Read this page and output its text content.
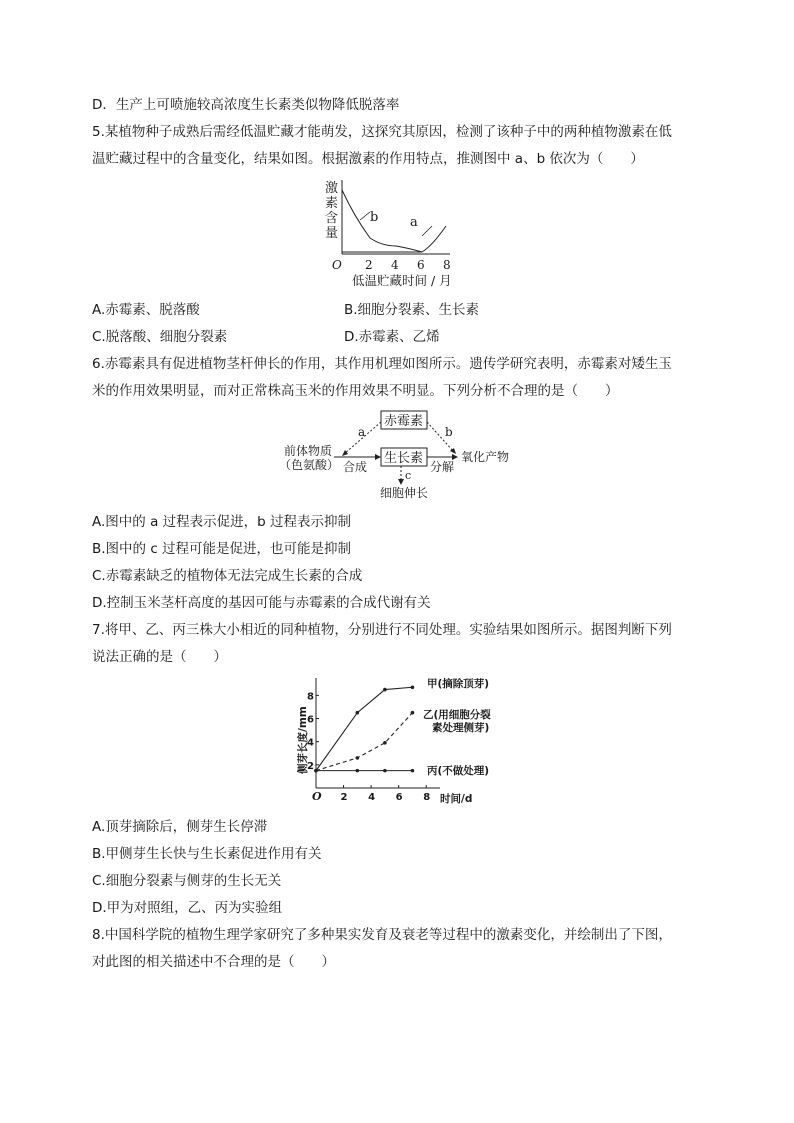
D．生产上可喷施较高浓度生长素类似物降低脱落率
5.某植物种子成熟后需经低温贮藏才能萌发，这探究其原因，检测了该种子中的两种植物激素在低
温贮藏过程中的含量变化，结果如图。根据激素的作用特点，推测图中 a、b 依次为（　　）
激
素
含
量
O 2 4 6 8
b a
低温贮藏时间 / 月
A.赤霉素、脱落酸	B.细胞分裂素、生长素
C.脱落酸、细胞分裂素	D.赤霉素、乙烯
6.赤霉素具有促进植物茎杆伸长的作用，其作用机理如图所示。遗传学研究表明，赤霉素对矮生玉
米的作用效果明显，而对正常株高玉米的作用效果不明显。下列分析不合理的是（　　）
赤霉素
生长素
前体物质
（色氨酸） 合成	分解
氧化产物
a	b
c
细胞伸长
A.图中的 a 过程表示促进，b 过程表示抑制
B.图中的 c 过程可能是促进，也可能是抑制
C.赤霉素缺乏的植物体无法完成生长素的合成
D.控制玉米茎杆高度的基因可能与赤霉素的合成代谢有关
7.将甲、乙、丙三株大小相近的同种植物，分别进行不同处理。实验结果如图所示。据图判断下列
说法正确的是（　　）
侧芽长度/mm
O	时间/d
2 4 6 8
2
4
6
8
甲(摘除顶芽)
乙(用细胞分裂
素处理侧芽)
丙(不做处理)
A.顶芽摘除后，侧芽生长停滞
B.甲侧芽生长快与生长素促进作用有关
C.细胞分裂素与侧芽的生长无关
D.甲为对照组，乙、丙为实验组
8.中国科学院的植物生理学家研究了多种果实发育及衰老等过程中的激素变化，并绘制出了下图，
对此图的相关描述中不合理的是（　　）
